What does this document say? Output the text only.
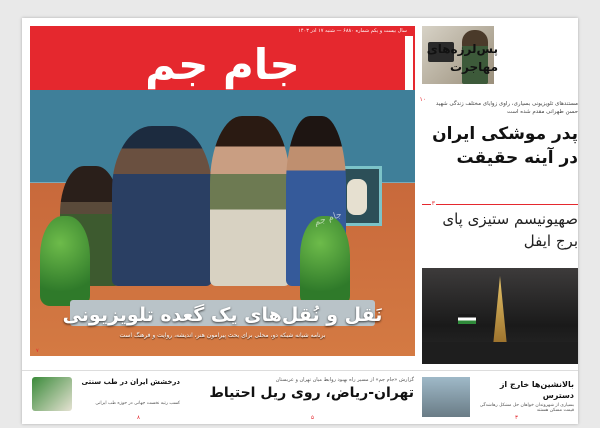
سال بیست و یکم شماره ۶۸۸۰ — شنبه ۱۷ آذر ۱۴۰۳
جام جم	پس‌لرزه‌های مهاجرت
۱۰
جام جم
نَقل و نُقل‌های یک گعده تلویزیونی
برنامه شبانه شبکه دو، محلی برای بحث پیرامون هنر، اندیشه، روایت و فرهنگ است
۷
مستندهای تلویزیونی بسیاری، راوی زوایای مختلف زندگی شهید حسن طهرانی مقدم شده است
پدر موشکی ایران در آینه حقیقت
۳
صهیونیسم ستیزی پای برج ایفل
بالانشین‌ها خارج از دسترس
بسیاری از شهروندان خواهان حل مشکل رهاشدگی قیمت مسکن هستند
۳
گزارش «جام جم» از مسیر راه بهبود روابط میان تهران و عربستان
تهران-ریاض، روی ریل احتیاط
۵
درخشش ایران در طب سنتی
کسب رتبه نخست جهانی در حوزه طب ایرانی
۸
